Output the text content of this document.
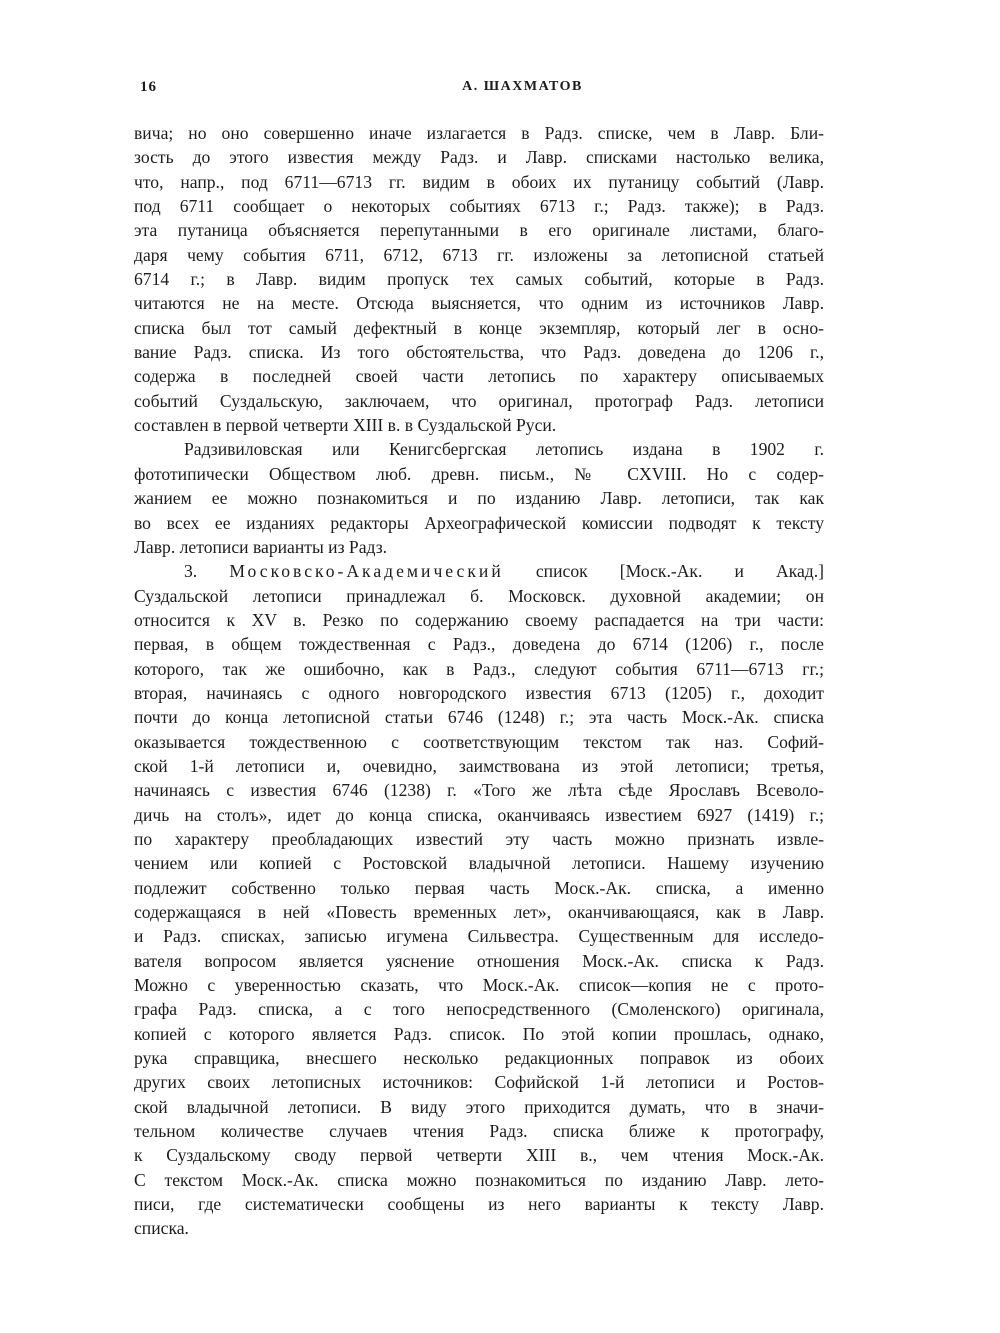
16	А. ШАХМАТОВ
вича; но оно совершенно иначе излагается в Радз. списке, чем в Лавр. Бли-
зость до этого известия между Радз. и Лавр. списками настолько велика,
что, напр., под 6711—6713 гг. видим в обоих их путаницу событий (Лавр.
под 6711 сообщает о некоторых событиях 6713 г.; Радз. также); в Радз.
эта путаница объясняется перепутанными в его оригинале листами, благо-
даря чему события 6711, 6712, 6713 гг. изложены за летописной статьей
6714 г.; в Лавр. видим пропуск тех самых событий, которые в Радз.
читаются не на месте. Отсюда выясняется, что одним из источников Лавр.
списка был тот самый дефектный в конце экземпляр, который лег в осно-
вание Радз. списка. Из того обстоятельства, что Радз. доведена до 1206 г.,
содержа в последней своей части летопись по характеру описываемых
событий Суздальскую, заключаем, что оригинал, протограф Радз. летописи
составлен в первой четверти XIII в. в Суздальской Руси.
Радзивиловская или Кенигсбергская летопись издана в 1902 г.
фототипически Обществом люб. древн. письм., № CXVIII. Но с содер-
жанием ее можно познакомиться и по изданию Лавр. летописи, так как
во всех ее изданиях редакторы Археографической комиссии подводят к тексту
Лавр. летописи варианты из Радз.
3. Московско-Академический список [Моск.-Ак. и Акад.]
Суздальской летописи принадлежал б. Московск. духовной академии; он
относится к XV в. Резко по содержанию своему распадается на три части:
первая, в общем тождественная с Радз., доведена до 6714 (1206) г., после
которого, так же ошибочно, как в Радз., следуют события 6711—6713 гг.;
вторая, начинаясь с одного новгородского известия 6713 (1205) г., доходит
почти до конца летописной статьи 6746 (1248) г.; эта часть Моск.-Ак. списка
оказывается тождественною с соответствующим текстом так наз. Софий-
ской 1-й летописи и, очевидно, заимствована из этой летописи; третья,
начинаясь с известия 6746 (1238) г. «Того же лѣта сѣде Ярославъ Всеволо-
дичь на столъ», идет до конца списка, оканчиваясь известием 6927 (1419) г.;
по характеру преобладающих известий эту часть можно признать извле-
чением или копией с Ростовской владычной летописи. Нашему изучению
подлежит собственно только первая часть Моск.-Ак. списка, а именно
содержащаяся в ней «Повесть временных лет», оканчивающаяся, как в Лавр.
и Радз. списках, записью игумена Сильвестра. Существенным для исследо-
вателя вопросом является уяснение отношения Моск.-Ак. списка к Радз.
Можно с уверенностью сказать, что Моск.-Ак. список—копия не с прото-
графа Радз. списка, а с того непосредственного (Смоленского) оригинала,
копией с которого является Радз. список. По этой копии прошлась, однако,
рука справщика, внесшего несколько редакционных поправок из обоих
других своих летописных источников: Софийской 1-й летописи и Ростов-
ской владычной летописи. В виду этого приходится думать, что в значи-
тельном количестве случаев чтения Радз. списка ближе к протографу,
к Суздальскому своду первой четверти XIII в., чем чтения Моск.-Ак.
С текстом Моск.-Ак. списка можно познакомиться по изданию Лавр. лето-
писи, где систематически сообщены из него варианты к тексту Лавр.
списка.
